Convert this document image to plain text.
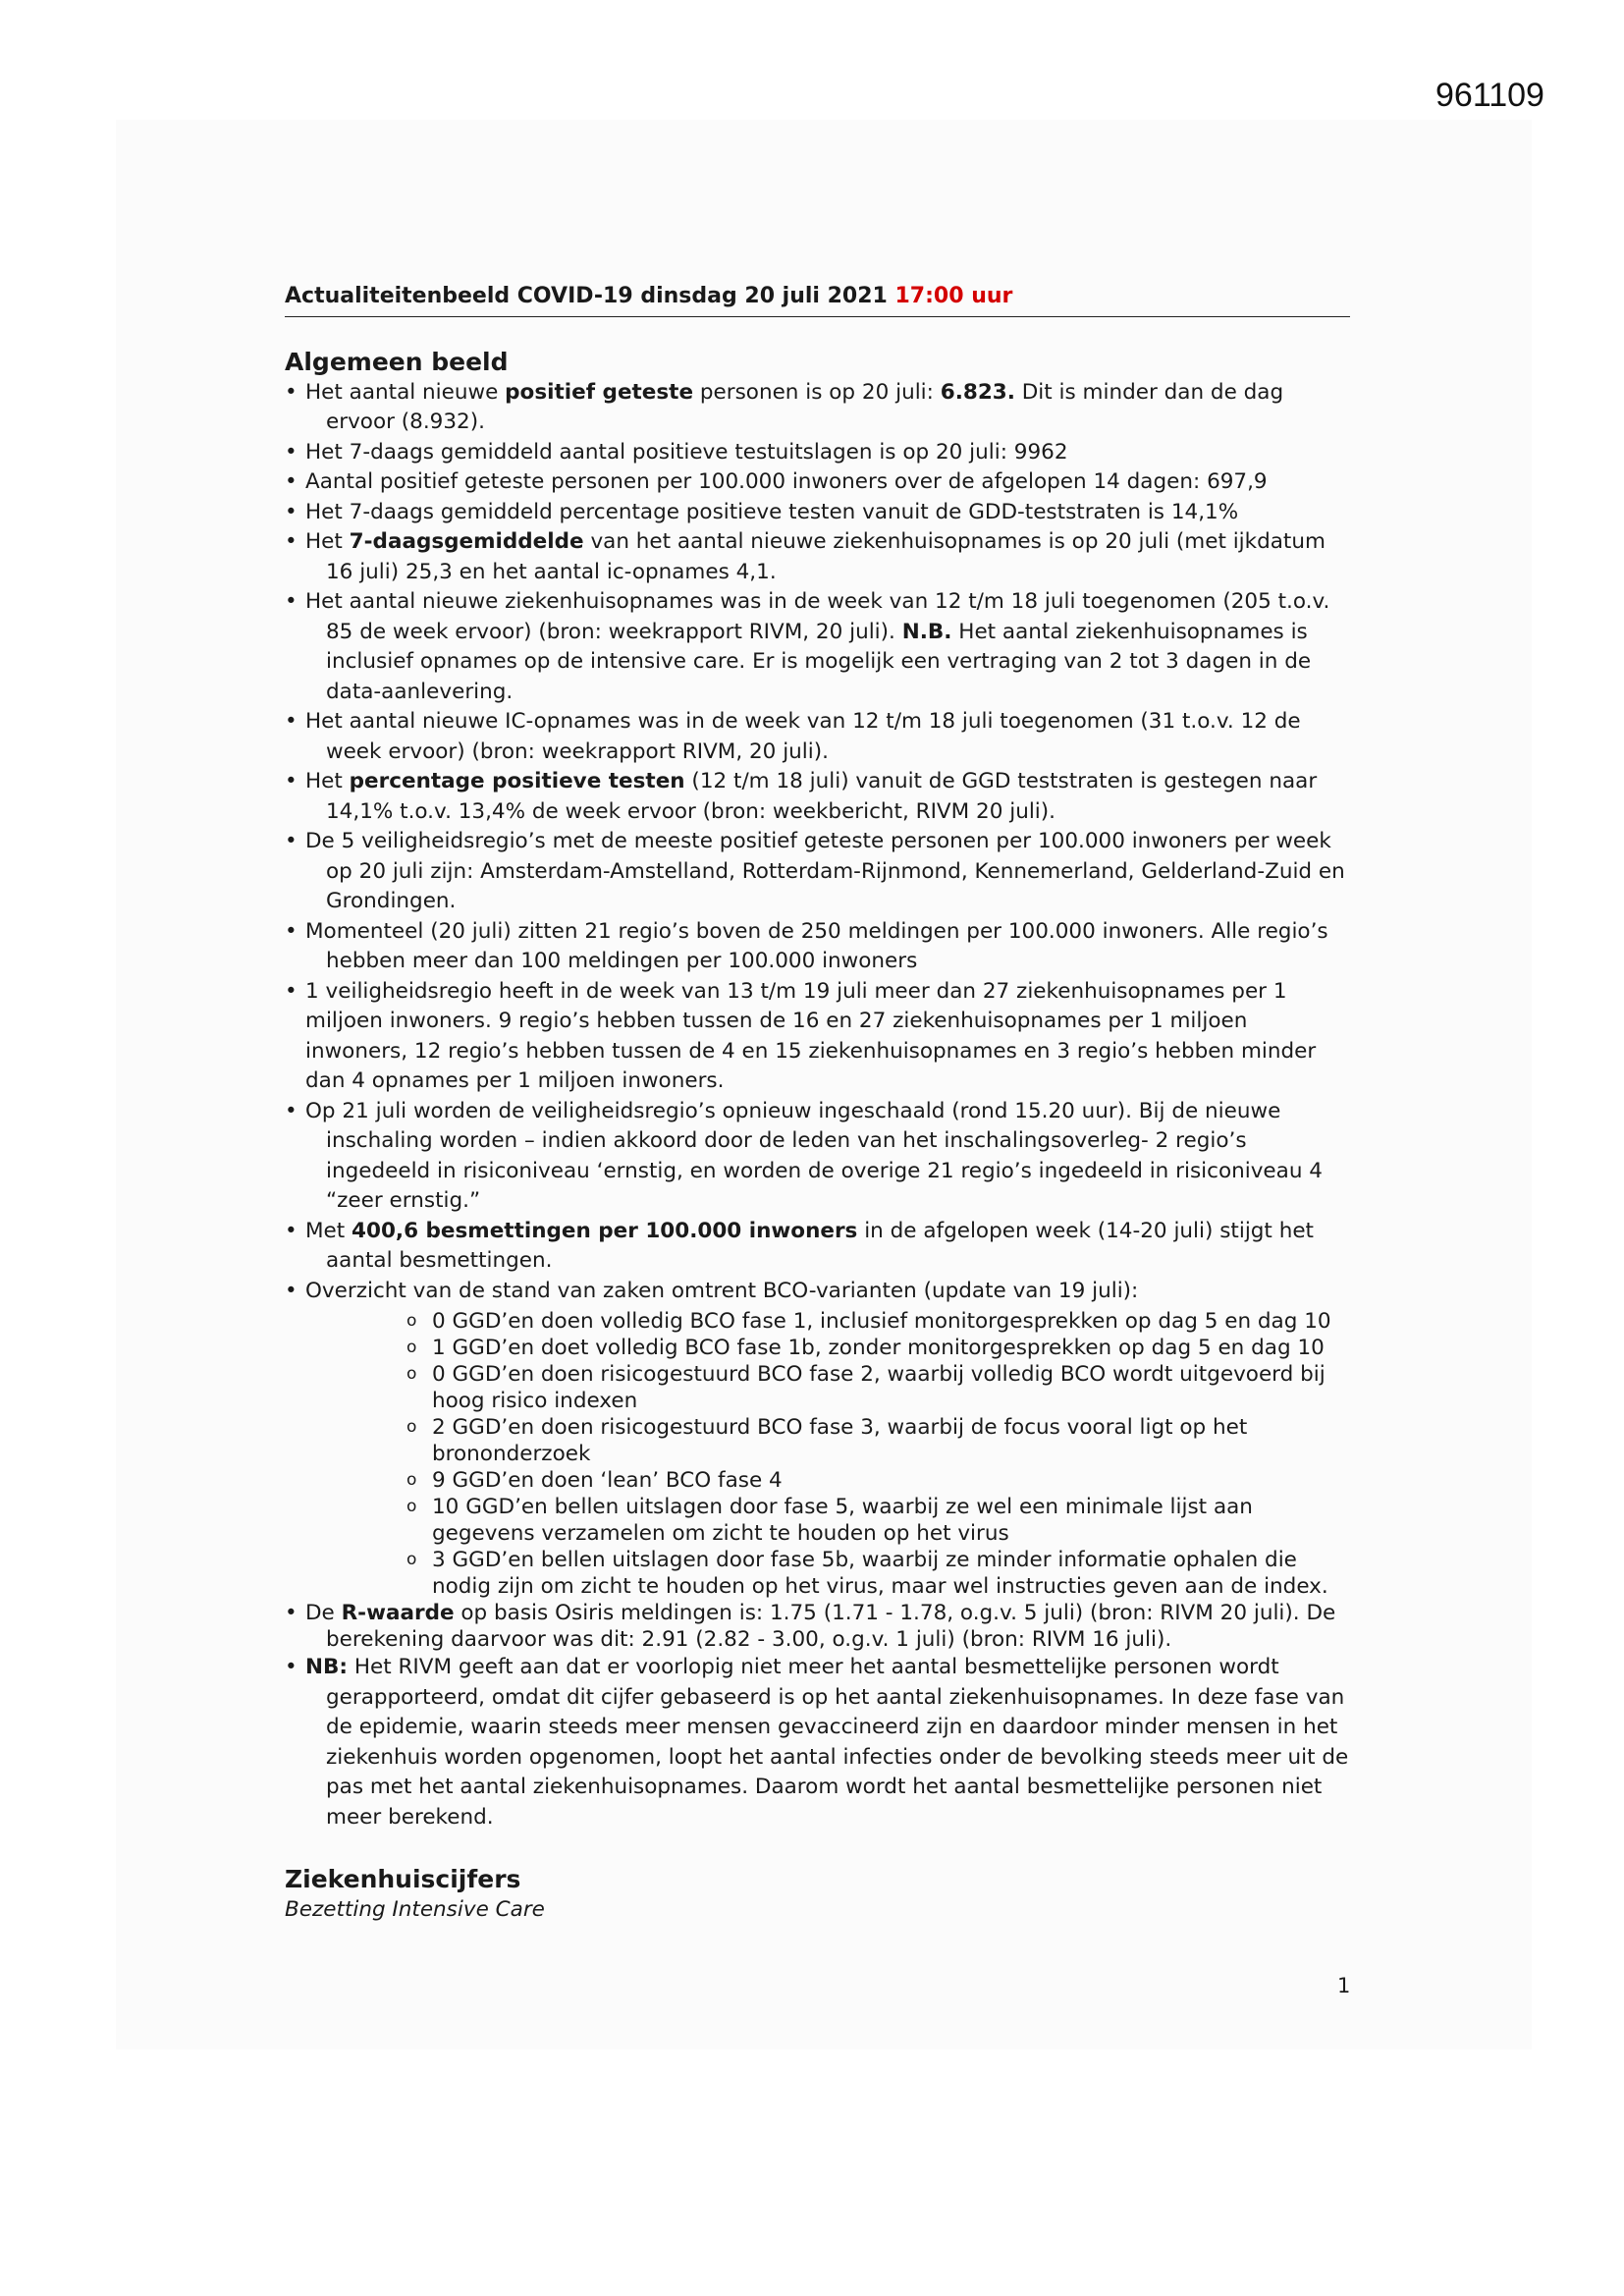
961109
Actualiteitenbeeld COVID-19 dinsdag 20 juli 2021 17:00 uur
Algemeen beeld
• Het aantal nieuwe positief geteste personen is op 20 juli: 6.823. Dit is minder dan de dag ervoor (8.932).
• Het 7-daags gemiddeld aantal positieve testuitslagen is op 20 juli: 9962
• Aantal positief geteste personen per 100.000 inwoners over de afgelopen 14 dagen: 697,9
• Het 7-daags gemiddeld percentage positieve testen vanuit de GDD-teststraten is 14,1%
• Het 7-daagsgemiddelde van het aantal nieuwe ziekenhuisopnames is op 20 juli (met ijkdatum 16 juli) 25,3 en het aantal ic-opnames 4,1.
• Het aantal nieuwe ziekenhuisopnames was in de week van 12 t/m 18 juli toegenomen (205 t.o.v. 85 de week ervoor) (bron: weekrapport RIVM, 20 juli). N.B. Het aantal ziekenhuisopnames is inclusief opnames op de intensive care. Er is mogelijk een vertraging van 2 tot 3 dagen in de data-aanlevering.
• Het aantal nieuwe IC-opnames was in de week van 12 t/m 18 juli toegenomen (31 t.o.v. 12 de week ervoor) (bron: weekrapport RIVM, 20 juli).
• Het percentage positieve testen (12 t/m 18 juli) vanuit de GGD teststraten is gestegen naar 14,1% t.o.v. 13,4% de week ervoor (bron: weekbericht, RIVM 20 juli).
• De 5 veiligheidsregio’s met de meeste positief geteste personen per 100.000 inwoners per week op 20 juli zijn: Amsterdam-Amstelland, Rotterdam-Rijnmond, Kennemerland, Gelderland-Zuid en Grondingen.
• Momenteel (20 juli) zitten 21 regio’s boven de 250 meldingen per 100.000 inwoners. Alle regio’s hebben meer dan 100 meldingen per 100.000 inwoners
• 1 veiligheidsregio heeft in de week van 13 t/m 19 juli meer dan 27 ziekenhuisopnames per 1 miljoen inwoners. 9 regio’s hebben tussen de 16 en 27 ziekenhuisopnames per 1 miljoen inwoners, 12 regio’s hebben tussen de 4 en 15 ziekenhuisopnames en 3 regio’s hebben minder dan 4 opnames per 1 miljoen inwoners.
• Op 21 juli worden de veiligheidsregio’s opnieuw ingeschaald (rond 15.20 uur). Bij de nieuwe inschaling worden – indien akkoord door de leden van het inschalingsoverleg- 2 regio’s ingedeeld in risiconiveau ‘ernstig, en worden de overige 21 regio’s ingedeeld in risiconiveau 4 “zeer ernstig.”
• Met 400,6 besmettingen per 100.000 inwoners in de afgelopen week (14-20 juli) stijgt het aantal besmettingen.
• Overzicht van de stand van zaken omtrent BCO-varianten (update van 19 juli):
o 0 GGD’en doen volledig BCO fase 1, inclusief monitorgesprekken op dag 5 en dag 10
o 1 GGD’en doet volledig BCO fase 1b, zonder monitorgesprekken op dag 5 en dag 10
o 0 GGD’en doen risicogestuurd BCO fase 2, waarbij volledig BCO wordt uitgevoerd bij hoog risico indexen
o 2 GGD’en doen risicogestuurd BCO fase 3, waarbij de focus vooral ligt op het brononderzoek
o 9 GGD’en doen ‘lean’ BCO fase 4
o 10 GGD’en bellen uitslagen door fase 5, waarbij ze wel een minimale lijst aan gegevens verzamelen om zicht te houden op het virus
o 3 GGD’en bellen uitslagen door fase 5b, waarbij ze minder informatie ophalen die nodig zijn om zicht te houden op het virus, maar wel instructies geven aan de index.
• De R-waarde op basis Osiris meldingen is: 1.75 (1.71 - 1.78, o.g.v. 5 juli) (bron: RIVM 20 juli). De berekening daarvoor was dit: 2.91 (2.82 - 3.00, o.g.v. 1 juli) (bron: RIVM 16 juli).
• NB: Het RIVM geeft aan dat er voorlopig niet meer het aantal besmettelijke personen wordt gerapporteerd, omdat dit cijfer gebaseerd is op het aantal ziekenhuisopnames. In deze fase van de epidemie, waarin steeds meer mensen gevaccineerd zijn en daardoor minder mensen in het ziekenhuis worden opgenomen, loopt het aantal infecties onder de bevolking steeds meer uit de pas met het aantal ziekenhuisopnames. Daarom wordt het aantal besmettelijke personen niet meer berekend.
Ziekenhuiscijfers
Bezetting Intensive Care
1
